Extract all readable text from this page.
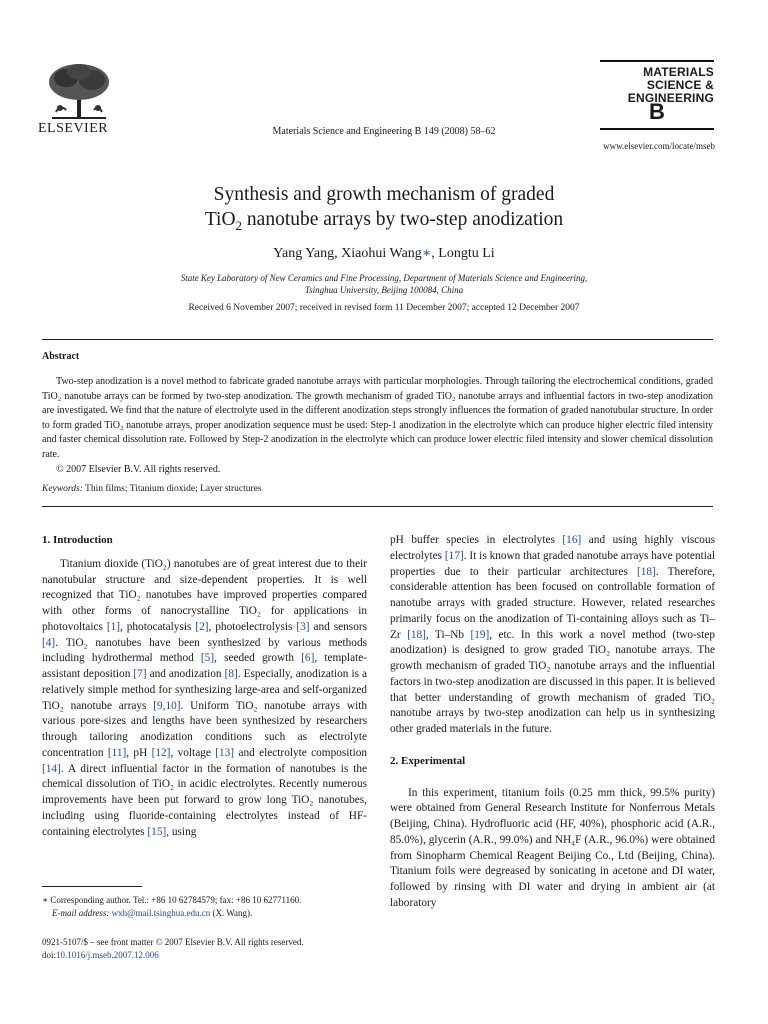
ELSEVIER	Materials Science and Engineering B 149 (2008) 58–62
MATERIALS
SCIENCE &
ENGINEERING
B
www.elsevier.com/locate/mseb
Synthesis and growth mechanism of graded
TiO$_2$ nanotube arrays by two-step anodization
Yang Yang, Xiaohui Wang∗, Longtu Li
State Key Laboratory of New Ceramics and Fine Processing, Department of Materials Science and Engineering,
Tsinghua University, Beijing 100084, China
Received 6 November 2007; received in revised form 11 December 2007; accepted 12 December 2007
Abstract

Two-step anodization is a novel method to fabricate graded nanotube arrays with particular morphologies. Through tailoring the electrochemical conditions, graded TiO₂ nanotube arrays can be formed by two-step anodization. The growth mechanism of graded TiO₂ nanotube arrays and influential factors in two-step anodization are investigated. We find that the nature of electrolyte used in the different anodization steps strongly influences the formation of graded nanotubular structure. In order to form graded TiO₂ nanotube arrays, proper anodization sequence must be used: Step-1 anodization in the electrolyte which can produce higher electric filed intensity and faster chemical dissolution rate. Followed by Step-2 anodization in the electrolyte which can produce lower electric filed intensity and slower chemical dissolution rate.

© 2007 Elsevier B.V. All rights reserved.

Keywords: Thin films; Titanium dioxide; Layer structures

1. Introduction

Titanium dioxide (TiO₂) nanotubes are of great interest due to their nanotubular structure and size-dependent properties. It is well recognized that TiO₂ nanotubes have improved properties compared with other forms of nanocrystalline TiO₂ for applications in photovoltaics [1], photocatalysis [2], photoelectrolysis [3] and sensors [4]. TiO₂ nanotubes have been synthesized by various methods including hydrothermal method [5], seeded growth [6], template-assistant deposition [7] and anodization [8]. Especially, anodization is a relatively simple method for synthesizing large-area and self-organized TiO₂ nanotube arrays [9,10]. Uniform TiO₂ nanotube arrays with various pore-sizes and lengths have been synthesized by researchers through tailoring anodization conditions such as electrolyte concentration [11], pH [12], voltage [13] and electrolyte composition [14]. A direct influential factor in the formation of nanotubes is the chemical dissolution of TiO₂ in acidic electrolytes. Recently numerous improvements have been put forward to grow long TiO₂ nanotubes, including using fluoride-containing electrolytes instead of HF-containing electrolytes [15], using

pH buffer species in electrolytes [16] and using highly viscous electrolytes [17]. It is known that graded nanotube arrays have potential properties due to their particular architectures [18]. Therefore, considerable attention has been focused on controllable formation of nanotube arrays with graded structure. However, related researches primarily focus on the anodization of Ti-containing alloys such as Ti–Zr [18], Ti–Nb [19], etc. In this work a novel method (two-step anodization) is designed to grow graded TiO₂ nanotube arrays. The growth mechanism of graded TiO₂ nanotube arrays and the influential factors in two-step anodization are discussed in this paper. It is believed that better understanding of growth mechanism of graded TiO₂ nanotube arrays by two-step anodization can help us in synthesizing other graded materials in the future.

2. Experimental

In this experiment, titanium foils (0.25 mm thick, 99.5% purity) were obtained from General Research Institute for Nonferrous Metals (Beijing, China). Hydrofluoric acid (HF, 40%), phosphoric acid (A.R., 85.0%), glycerin (A.R., 99.0%) and NH₄F (A.R., 96.0%) were obtained from Sinopharm Chemical Reagent Beijing Co., Ltd (Beijing, China). Titanium foils were degreased by sonicating in acetone and DI water, followed by rinsing with DI water and drying in ambient air (at laboratory

∗ Corresponding author. Tel.: +86 10 62784579; fax: +86 10 62771160.
E-mail address: wxh@mail.tsinghua.edu.cn (X. Wang).
0921-5107/$ – see front matter © 2007 Elsevier B.V. All rights reserved.
doi:10.1016/j.mseb.2007.12.006
